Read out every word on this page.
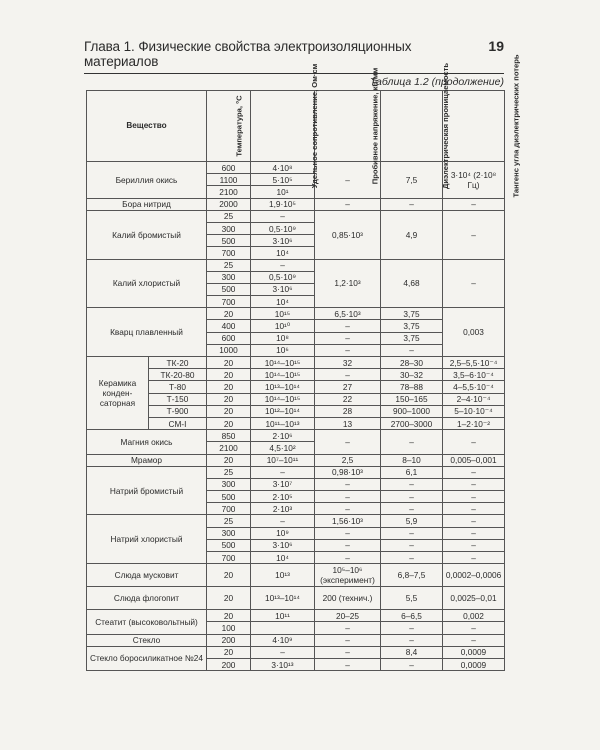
Глава 1. Физические свойства электроизоляционных материалов
19
Таблица 1.2 (продолжение)
Вещество		Температура, °С	Удельное сопротивление, Ом·см	Пробивное напряжение, кВ/мм	Диэлектрическая проницаемость	Тангенс угла диэлектрических потерь
Бериллия окись		600	4·10⁸	–	7,5	3·10⁴ (2·10⁸ Гц)
		1100	5·10⁵			
		2100	10¹			
Бора нитрид		2000	1,9·10⁵	–	–	–
Калий бромистый		25	–	0,85·10³	4,9	–
		300	0,5·10⁹			
		500	3·10⁶			
		700	10⁴			
Калий хлористый		25	–	1,2·10³	4,68	–
		300	0,5·10⁹			
		500	3·10⁶			
		700	10⁴			
Кварц плавленный		20	10¹⁵	6,5·10³	3,75	0,003
		400	10¹⁰	–	3,75	
		600	10⁸	–	3,75	
		1000	10⁶	–	–	
Керамика конден-саторная	ТК-20	20	10¹⁴–10¹⁵	32	28–30	2,5–5,5·10⁻⁴
	ТК-20-80	20	10¹⁴–10¹⁵	–	30–32	3,5–6·10⁻⁴
	Т-80	20	10¹³–10¹⁴	27	78–88	4–5,5·10⁻⁴
	Т-150	20	10¹⁴–10¹⁵	22	150–165	2–4·10⁻⁴
	Т-900	20	10¹²–10¹⁴	28	900–1000	5–10·10⁻⁴
	СМ-I	20	10¹¹–10¹³	13	2700–3000	1–2·10⁻²
Магния окись		850	2·10⁶	–	–	–
		2100	4,5·10²			
Мрамор		20	10⁷–10¹¹	2,5	8–10	0,005–0,001
Натрий бромистый		25	–	0,98·10³	6,1	–
		300	3·10⁷	–	–	–
		500	2·10⁵	–	–	–
		700	2·10³	–	–	–
Натрий хлористый		25	–	1,56·10³	5,9	–
		300	10⁹	–	–	–
		500	3·10⁶	–	–	–
		700	10⁴	–	–	–
Слюда мусковит		20	10¹³	10⁵–10⁶ (эксперимент)	6,8–7,5	0,0002–0,0006
Слюда флогопит		20	10¹³–10¹⁴	200 (технич.)	5,5	0,0025–0,01
Стеатит (высоковольтный)		20	10¹¹	20–25	6–6,5	0,002
		100		–	–	–
Стекло		200	4·10⁹	–	–	–
Стекло боросиликатное №24		20	–	–	8,4	0,0009
		200	3·10¹³	–	–	0,0009
